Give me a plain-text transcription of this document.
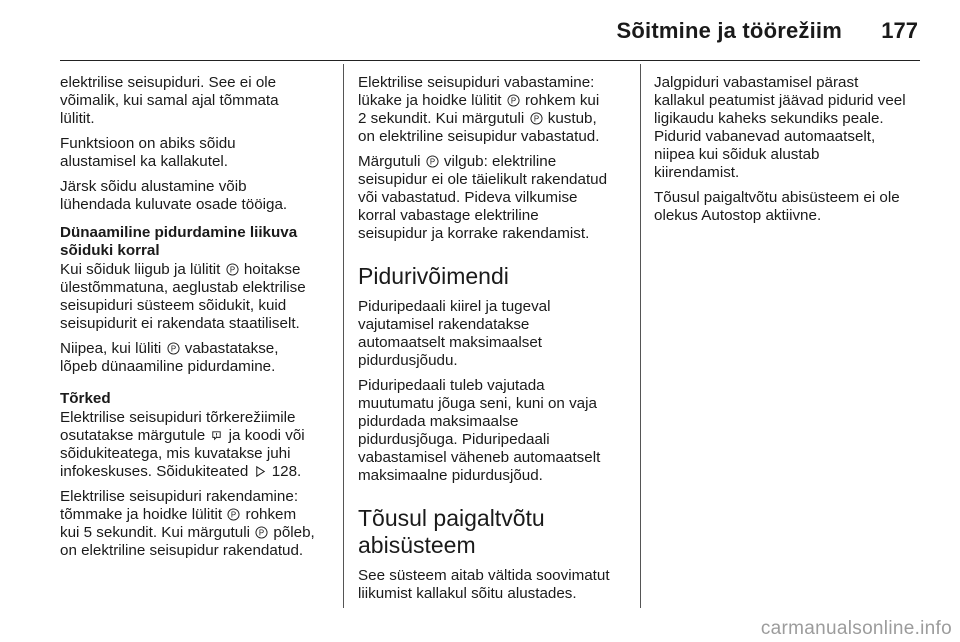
Sõitmine ja töörežiim 177

elektrilise seisupiduri. See ei ole
võimalik, kui samal ajal tõmmata
lülitit.

Funktsioon on abiks sõidu
alustamisel ka kallakutel.

Järsk sõidu alustamine võib
lühendada kuluvate osade tööiga.

Dünaamiline pidurdamine liikuva
sõiduki korral

Kui sõiduk liigub ja lülitit P hoitakse
ülestõmmatuna, aeglustab elektrilise
seisupiduri süsteem sõidukit, kuid
seisupidurit ei rakendata staatiliselt.

Niipea, kui lüliti P vabastatakse,
lõpeb dünaamiline pidurdamine.

Tõrked

Elektrilise seisupiduri tõrkerežiimile
osutatakse märgutule  ja koodi või
sõidukiteatega, mis kuvatakse juhi
infokeskuses. Sõidukiteated  128.

Elektrilise seisupiduri rakendamine:
tõmmake ja hoidke lülitit P rohkem
kui 5 sekundit. Kui märgutuli P põleb,
on elektriline seisupidur rakendatud.

Elektrilise seisupiduri vabastamine:
lükake ja hoidke lülitit P rohkem kui
2 sekundit. Kui märgutuli P kustub,
on elektriline seisupidur vabastatud.

Märgutuli P vilgub: elektriline
seisupidur ei ole täielikult rakendatud
või vabastatud. Pideva vilkumise
korral vabastage elektriline
seisupidur ja korrake rakendamist.

Pidurivõimendi

Piduripedaali kiirel ja tugeval
vajutamisel rakendatakse
automaatselt maksimaalset
pidurdusjõudu.

Piduripedaali tuleb vajutada
muutumatu jõuga seni, kuni on vaja
pidurdada maksimaalse
pidurdusjõuga. Piduripedaali
vabastamisel väheneb automaatselt
maksimaalne pidurdusjõud.

Tõusul paigaltvõtu
abisüsteem

See süsteem aitab vältida soovimatut
liikumist kallakul sõitu alustades.

Jalgpiduri vabastamisel pärast
kallakul peatumist jäävad pidurid veel
ligikaudu kaheks sekundiks peale.
Pidurid vabanevad automaatselt,
niipea kui sõiduk alustab
kiirendamist.

Tõusul paigaltvõtu abisüsteem ei ole
olekus Autostop aktiivne.

carmanualsonline.info
